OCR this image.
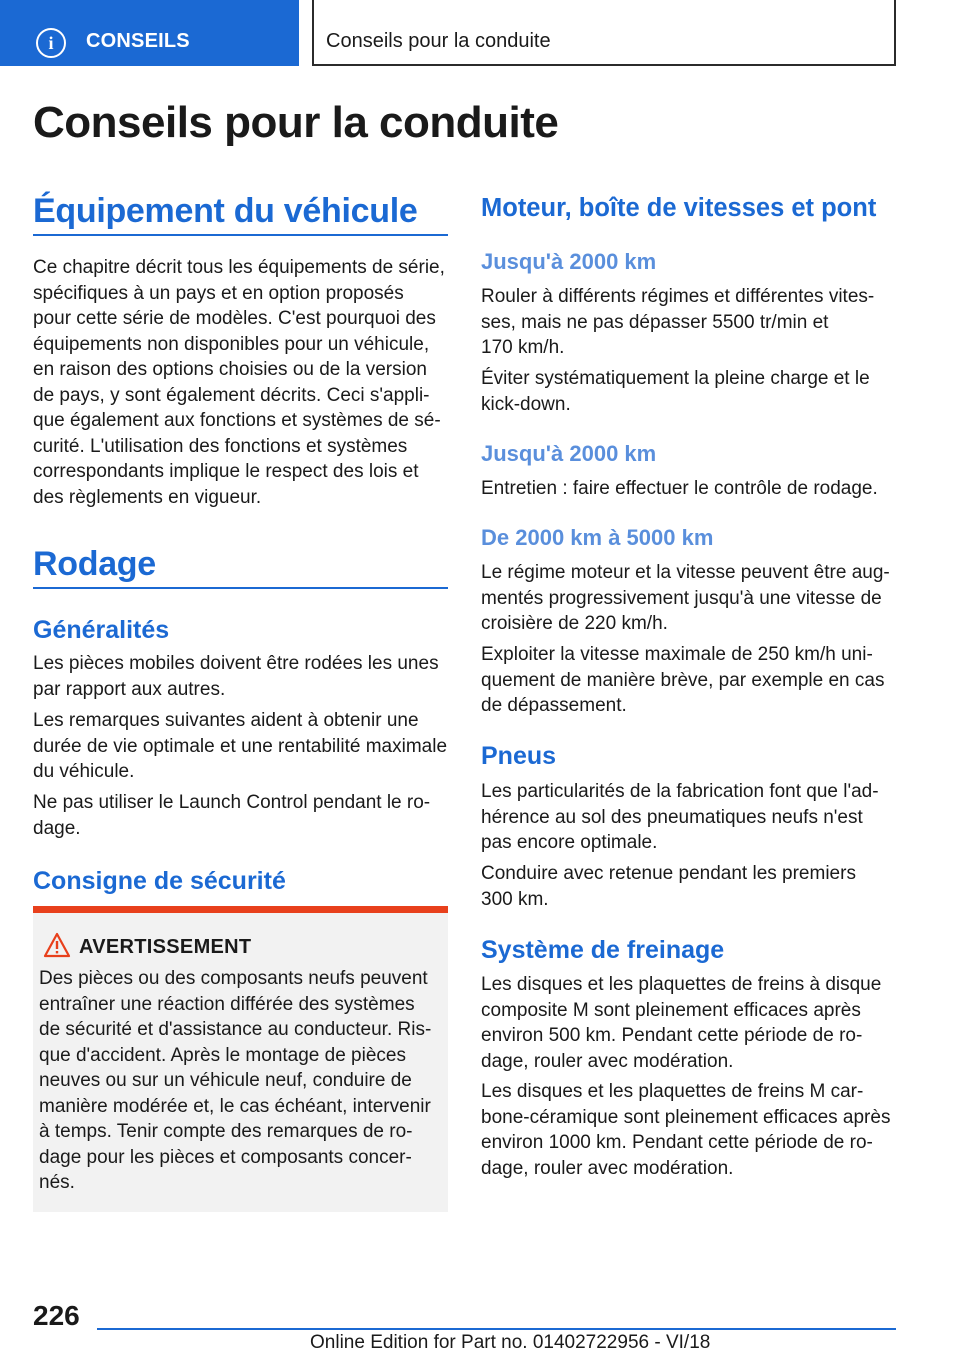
i	CONSEILS	Conseils pour la conduite
Conseils pour la conduite
Équipement du véhicule
Ce chapitre décrit tous les équipements de série,
spécifiques à un pays et en option proposés
pour cette série de modèles. C'est pourquoi des
équipements non disponibles pour un véhicule,
en raison des options choisies ou de la version
de pays, y sont également décrits. Ceci s'appli-
que également aux fonctions et systèmes de sé-
curité. L'utilisation des fonctions et systèmes
correspondants implique le respect des lois et
des règlements en vigueur.
Rodage
Généralités
Les pièces mobiles doivent être rodées les unes
par rapport aux autres.
Les remarques suivantes aident à obtenir une
durée de vie optimale et une rentabilité maximale
du véhicule.
Ne pas utiliser le Launch Control pendant le ro-
dage.
Consigne de sécurité
AVERTISSEMENT
Des pièces ou des composants neufs peuvent
entraîner une réaction différée des systèmes
de sécurité et d'assistance au conducteur. Ris-
que d'accident. Après le montage de pièces
neuves ou sur un véhicule neuf, conduire de
manière modérée et, le cas échéant, intervenir
à temps. Tenir compte des remarques de ro-
dage pour les pièces et composants concer-
nés.
Moteur, boîte de vitesses et pont
Jusqu'à 2000 km
Rouler à différents régimes et différentes vites-
ses, mais ne pas dépasser 5500 tr/min et
170 km/h.
Éviter systématiquement la pleine charge et le
kick-down.
Jusqu'à 2000 km
Entretien : faire effectuer le contrôle de rodage.
De 2000 km à 5000 km
Le régime moteur et la vitesse peuvent être aug-
mentés progressivement jusqu'à une vitesse de
croisière de 220 km/h.
Exploiter la vitesse maximale de 250 km/h uni-
quement de manière brève, par exemple en cas
de dépassement.
Pneus
Les particularités de la fabrication font que l'ad-
hérence au sol des pneumatiques neufs n'est
pas encore optimale.
Conduire avec retenue pendant les premiers
300 km.
Système de freinage
Les disques et les plaquettes de freins à disque
composite M sont pleinement efficaces après
environ 500 km. Pendant cette période de ro-
dage, rouler avec modération.
Les disques et les plaquettes de freins M car-
bone-céramique sont pleinement efficaces après
environ 1000 km. Pendant cette période de ro-
dage, rouler avec modération.
226
Online Edition for Part no. 01402722956 - VI/18
